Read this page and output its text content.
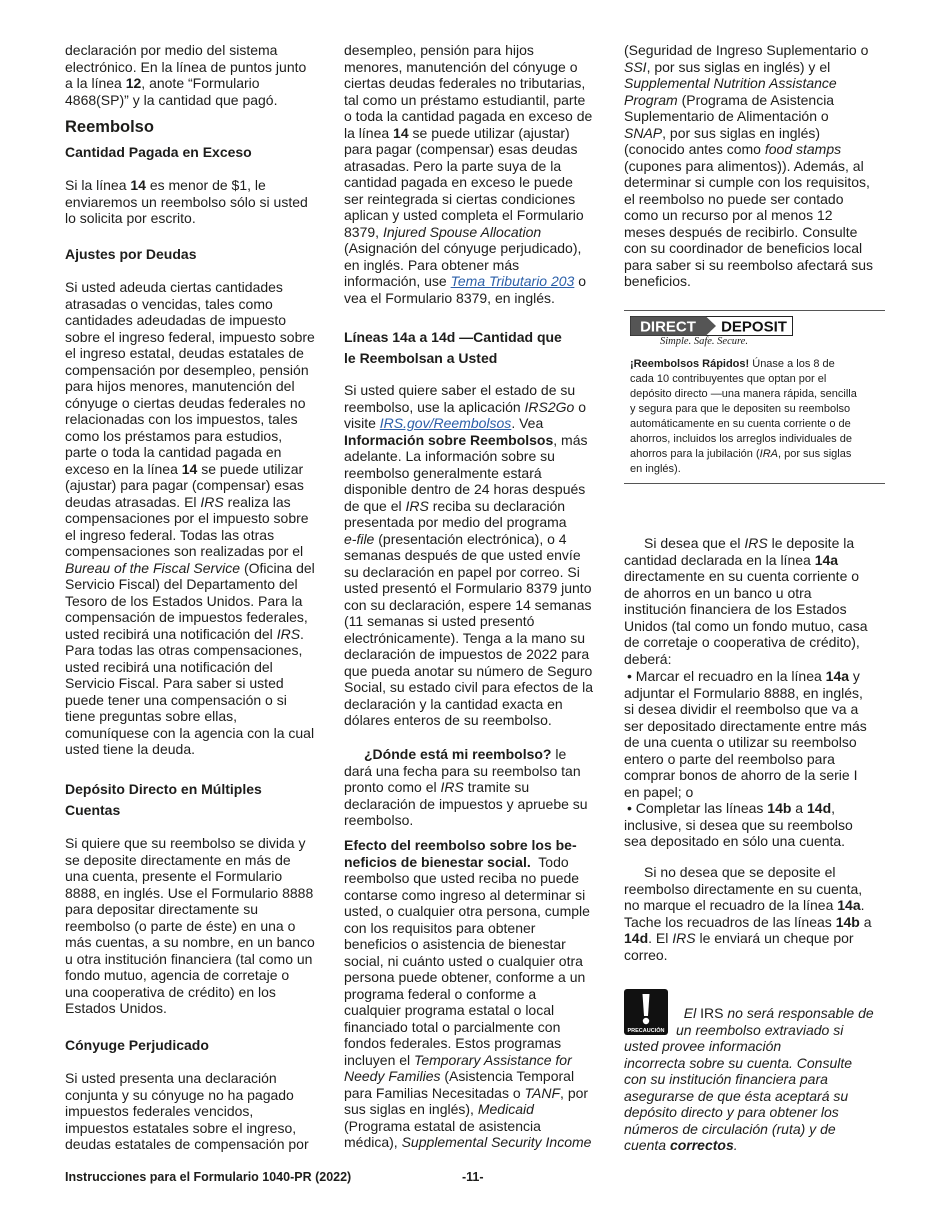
declaración por medio del sistema
electrónico. En la línea de puntos junto
a la línea 12, anote “Formulario
4868(SP)” y la cantidad que pagó.
Reembolso
Cantidad Pagada en Exceso
Si la línea 14 es menor de $1, le
enviaremos un reembolso sólo si usted
lo solicita por escrito.
Ajustes por Deudas
Si usted adeuda ciertas cantidades
atrasadas o vencidas, tales como
cantidades adeudadas de impuesto
sobre el ingreso federal, impuesto sobre
el ingreso estatal, deudas estatales de
compensación por desempleo, pensión
para hijos menores, manutención del
cónyuge o ciertas deudas federales no
relacionadas con los impuestos, tales
como los préstamos para estudios,
parte o toda la cantidad pagada en
exceso en la línea 14 se puede utilizar
(ajustar) para pagar (compensar) esas
deudas atrasadas. El IRS realiza las
compensaciones por el impuesto sobre
el ingreso federal. Todas las otras
compensaciones son realizadas por el
Bureau of the Fiscal Service (Oficina del
Servicio Fiscal) del Departamento del
Tesoro de los Estados Unidos. Para la
compensación de impuestos federales,
usted recibirá una notificación del IRS.
Para todas las otras compensaciones,
usted recibirá una notificación del
Servicio Fiscal. Para saber si usted
puede tener una compensación o si
tiene preguntas sobre ellas,
comuníquese con la agencia con la cual
usted tiene la deuda.
Depósito Directo en Múltiples
Cuentas
Si quiere que su reembolso se divida y
se deposite directamente en más de
una cuenta, presente el Formulario
8888, en inglés. Use el Formulario 8888
para depositar directamente su
reembolso (o parte de éste) en una o
más cuentas, a su nombre, en un banco
u otra institución financiera (tal como un
fondo mutuo, agencia de corretaje o
una cooperativa de crédito) en los
Estados Unidos.
Cónyuge Perjudicado
Si usted presenta una declaración
conjunta y su cónyuge no ha pagado
impuestos federales vencidos,
impuestos estatales sobre el ingreso,
deudas estatales de compensación por
desempleo, pensión para hijos
menores, manutención del cónyuge o
ciertas deudas federales no tributarias,
tal como un préstamo estudiantil, parte
o toda la cantidad pagada en exceso de
la línea 14 se puede utilizar (ajustar)
para pagar (compensar) esas deudas
atrasadas. Pero la parte suya de la
cantidad pagada en exceso le puede
ser reintegrada si ciertas condiciones
aplican y usted completa el Formulario
8379, Injured Spouse Allocation
(Asignación del cónyuge perjudicado),
en inglés. Para obtener más
información, use Tema Tributario 203 o
vea el Formulario 8379, en inglés.
Líneas 14a a 14d —Cantidad que
le Reembolsan a Usted
Si usted quiere saber el estado de su
reembolso, use la aplicación IRS2Go o
visite IRS.gov/Reembolsos. Vea
Información sobre Reembolsos, más
adelante. La información sobre su
reembolso generalmente estará
disponible dentro de 24 horas después
de que el IRS reciba su declaración
presentada por medio del programa
e-file (presentación electrónica), o 4
semanas después de que usted envíe
su declaración en papel por correo. Si
usted presentó el Formulario 8379 junto
con su declaración, espere 14 semanas
(11 semanas si usted presentó
electrónicamente). Tenga a la mano su
declaración de impuestos de 2022 para
que pueda anotar su número de Seguro
Social, su estado civil para efectos de la
declaración y la cantidad exacta en
dólares enteros de su reembolso.
¿Dónde está mi reembolso? le
dará una fecha para su reembolso tan
pronto como el IRS tramite su
declaración de impuestos y apruebe su
reembolso.
Efecto del reembolso sobre los be-
neficios de bienestar social.  Todo
reembolso que usted reciba no puede
contarse como ingreso al determinar si
usted, o cualquier otra persona, cumple
con los requisitos para obtener
beneficios o asistencia de bienestar
social, ni cuánto usted o cualquier otra
persona puede obtener, conforme a un
programa federal o conforme a
cualquier programa estatal o local
financiado total o parcialmente con
fondos federales. Estos programas
incluyen el Temporary Assistance for
Needy Families (Asistencia Temporal
para Familias Necesitadas o TANF, por
sus siglas en inglés), Medicaid
(Programa estatal de asistencia
médica), Supplemental Security Income
(Seguridad de Ingreso Suplementario o
SSI, por sus siglas en inglés) y el
Supplemental Nutrition Assistance
Program (Programa de Asistencia
Suplementario de Alimentación o
SNAP, por sus siglas en inglés)
(conocido antes como food stamps
(cupones para alimentos)). Además, al
determinar si cumple con los requisitos,
el reembolso no puede ser contado
como un recurso por al menos 12
meses después de recibirlo. Consulte
con su coordinador de beneficios local
para saber si su reembolso afectará sus
beneficios.
DIRECT DEPOSIT
Simple. Safe. Secure.
¡Reembolsos Rápidos! Únase a los 8 de
cada 10 contribuyentes que optan por el
depósito directo —una manera rápida, sencilla
y segura para que le depositen su reembolso
automáticamente en su cuenta corriente o de
ahorros, incluidos los arreglos individuales de
ahorros para la jubilación (IRA, por sus siglas
en inglés).
Si desea que el IRS le deposite la
cantidad declarada en la línea 14a
directamente en su cuenta corriente o
de ahorros en un banco u otra
institución financiera de los Estados
Unidos (tal como un fondo mutuo, casa
de corretaje o cooperativa de crédito),
deberá:
• Marcar el recuadro en la línea 14a y
adjuntar el Formulario 8888, en inglés,
si desea dividir el reembolso que va a
ser depositado directamente entre más
de una cuenta o utilizar su reembolso
entero o parte del reembolso para
comprar bonos de ahorro de la serie I
en papel; o
• Completar las líneas 14b a 14d,
inclusive, si desea que su reembolso
sea depositado en sólo una cuenta.
Si no desea que se deposite el
reembolso directamente en su cuenta,
no marque el recuadro de la línea 14a.
Tache los recuadros de las líneas 14b a
14d. El IRS le enviará un cheque por
correo.

PRECAUCIÓN

El IRS no será responsable de
un reembolso extraviado si
usted provee información
incorrecta sobre su cuenta. Consulte
con su institución financiera para
asegurarse de que ésta aceptará su
depósito directo y para obtener los
números de circulación (ruta) y de
cuenta correctos.
Instrucciones para el Formulario 1040-PR (2022)	-11-
